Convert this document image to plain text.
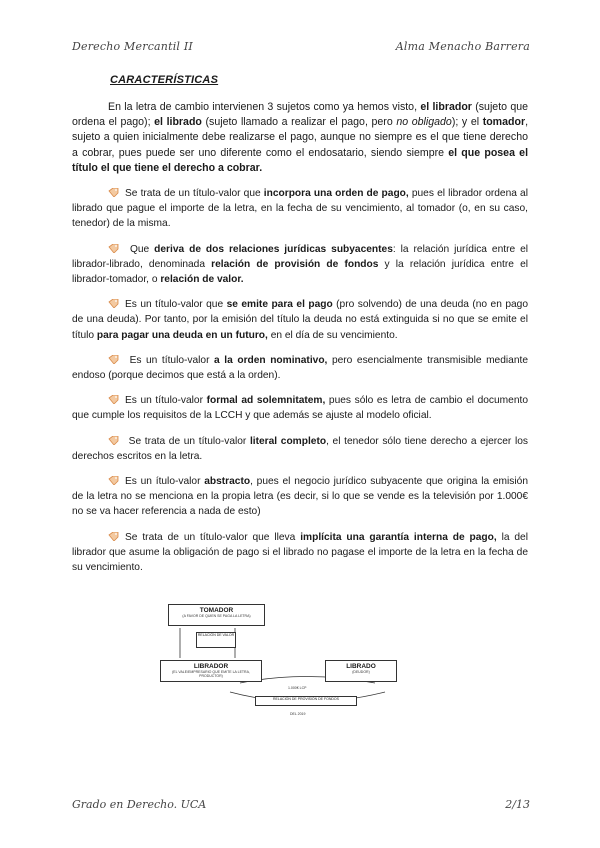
Derecho Mercantil II	Alma Menacho Barrera
CARACTERÍSTICAS

En la letra de cambio intervienen 3 sujetos como ya hemos visto, el librador (sujeto que ordena el pago); el librado (sujeto llamado a realizar el pago, pero no obligado); y el tomador, sujeto a quien inicialmente debe realizarse el pago, aunque no siempre es el que tiene derecho a cobrar, pues puede ser uno diferente como el endosatario, siendo siempre el que posea el título el que tiene el derecho a cobrar.

Se trata de un título-valor que incorpora una orden de pago, pues el librador ordena al librado que pague el importe de la letra, en la fecha de su vencimiento, al tomador (o, en su caso, tenedor) de la misma.

Que deriva de dos relaciones jurídicas subyacentes: la relación jurídica entre el librador-librado, denominada relación de provisión de fondos y la relación jurídica entre el librador-tomador, o relación de valor.

Es un título-valor que se emite para el pago (pro solvendo) de una deuda (no en pago de una deuda). Por tanto, por la emisión del título la deuda no está extinguida si no que se emite el título para pagar una deuda en un futuro, en el día de su vencimiento.

Es un título-valor a la orden nominativo, pero esencialmente transmisible mediante endoso (porque decimos que está a la orden).

Es un título-valor formal ad solemnitatem, pues sólo es letra de cambio el documento que cumple los requisitos de la LCCH y que además se ajuste al modelo oficial.

Se trata de un título-valor literal completo, el tenedor sólo tiene derecho a ejercer los derechos escritos en la letra.

Es un ítulo-valor abstracto, pues el negocio jurídico subyacente que origina la emisión de la letra no se menciona en la propia letra (es decir, si lo que se vende es la televisión por 1.000€ no se va hacer referencia a nada de esto)

Se trata de un título-valor que lleva implícita una garantía interna de pago, la del librador que asume la obligación de pago si el librado no pagase el importe de la letra en la fecha de su vencimiento.

TOMADOR
(A FAVOR DE QUIEN SE PAGA LA LETRA)
RELACIÓN DE VALOR
LIBRADOR
(EL VALE/EMPRESARIO QUE EMITE LA LETRA, PRODUCTOR)
LIBRADO
(DEUDOR)
1.000€ LCP
RELACIÓN DE PROVISIÓN DE FONDOS
DEL 2019
Grado en Derecho. UCA	2/13
